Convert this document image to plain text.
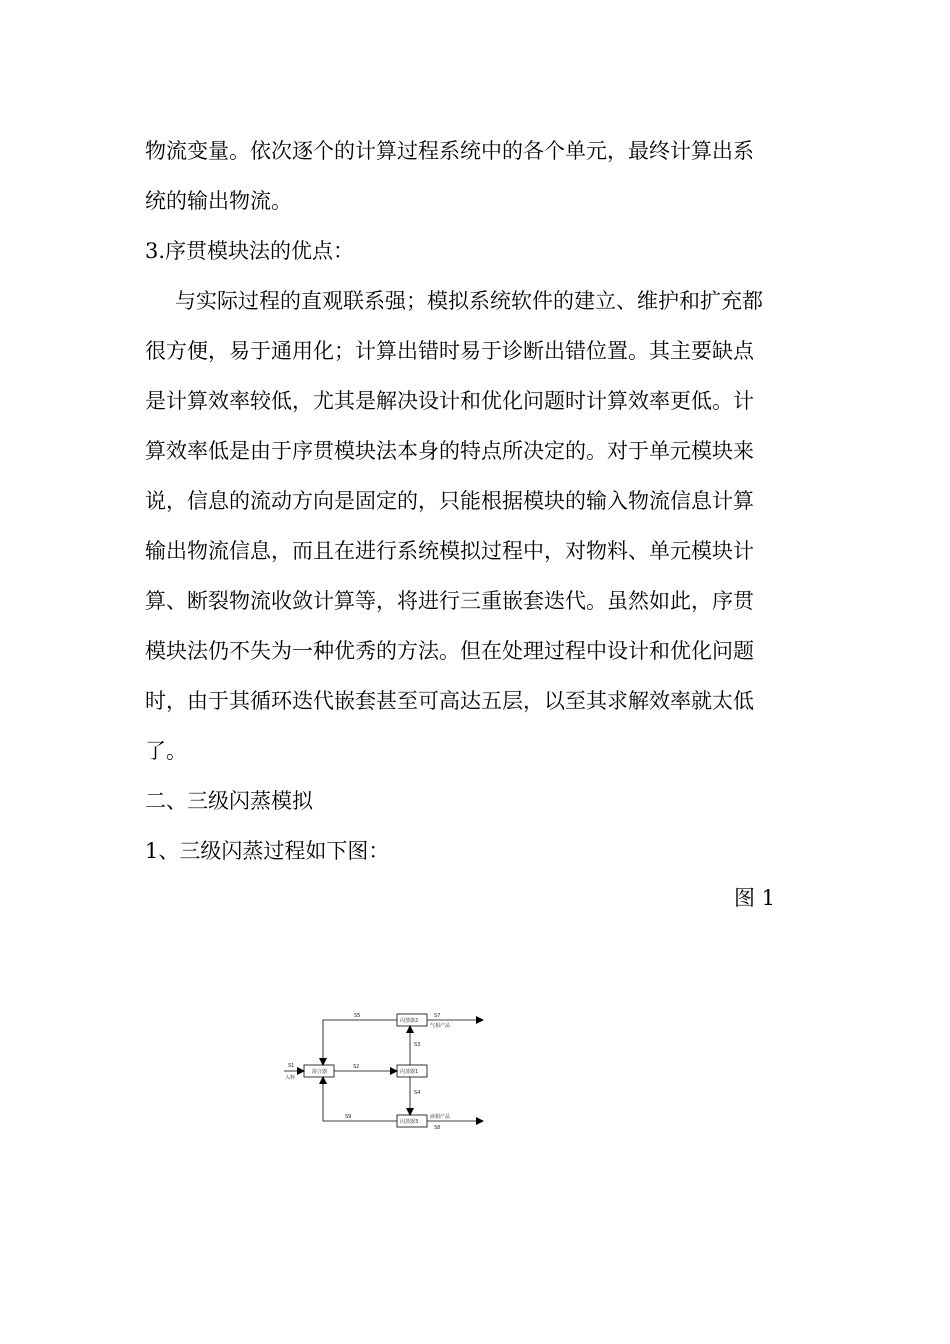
物流变量。依次逐个的计算过程系统中的各个单元，最终计算出系
统的输出物流。
3.序贯模块法的优点：
与实际过程的直观联系强；模拟系统软件的建立、维护和扩充都
很方便，易于通用化；计算出错时易于诊断出错位置。其主要缺点
是计算效率较低，尤其是解决设计和优化问题时计算效率更低。计
算效率低是由于序贯模块法本身的特点所决定的。对于单元模块来
说，信息的流动方向是固定的，只能根据模块的输入物流信息计算
输出物流信息，而且在进行系统模拟过程中，对物料、单元模块计
算、断裂物流收敛计算等，将进行三重嵌套迭代。虽然如此，序贯
模块法仍不失为一种优秀的方法。但在处理过程中设计和优化问题
时，由于其循环迭代嵌套甚至可高达五层，以至其求解效率就太低
了。
二、三级闪蒸模拟
1、三级闪蒸过程如下图：
图 1
混合器
闪蒸器2
闪蒸器1
闪蒸器3
S1
入料
S2
S3
S4
S5
S9
S7
气相产品
液相产品
S8
